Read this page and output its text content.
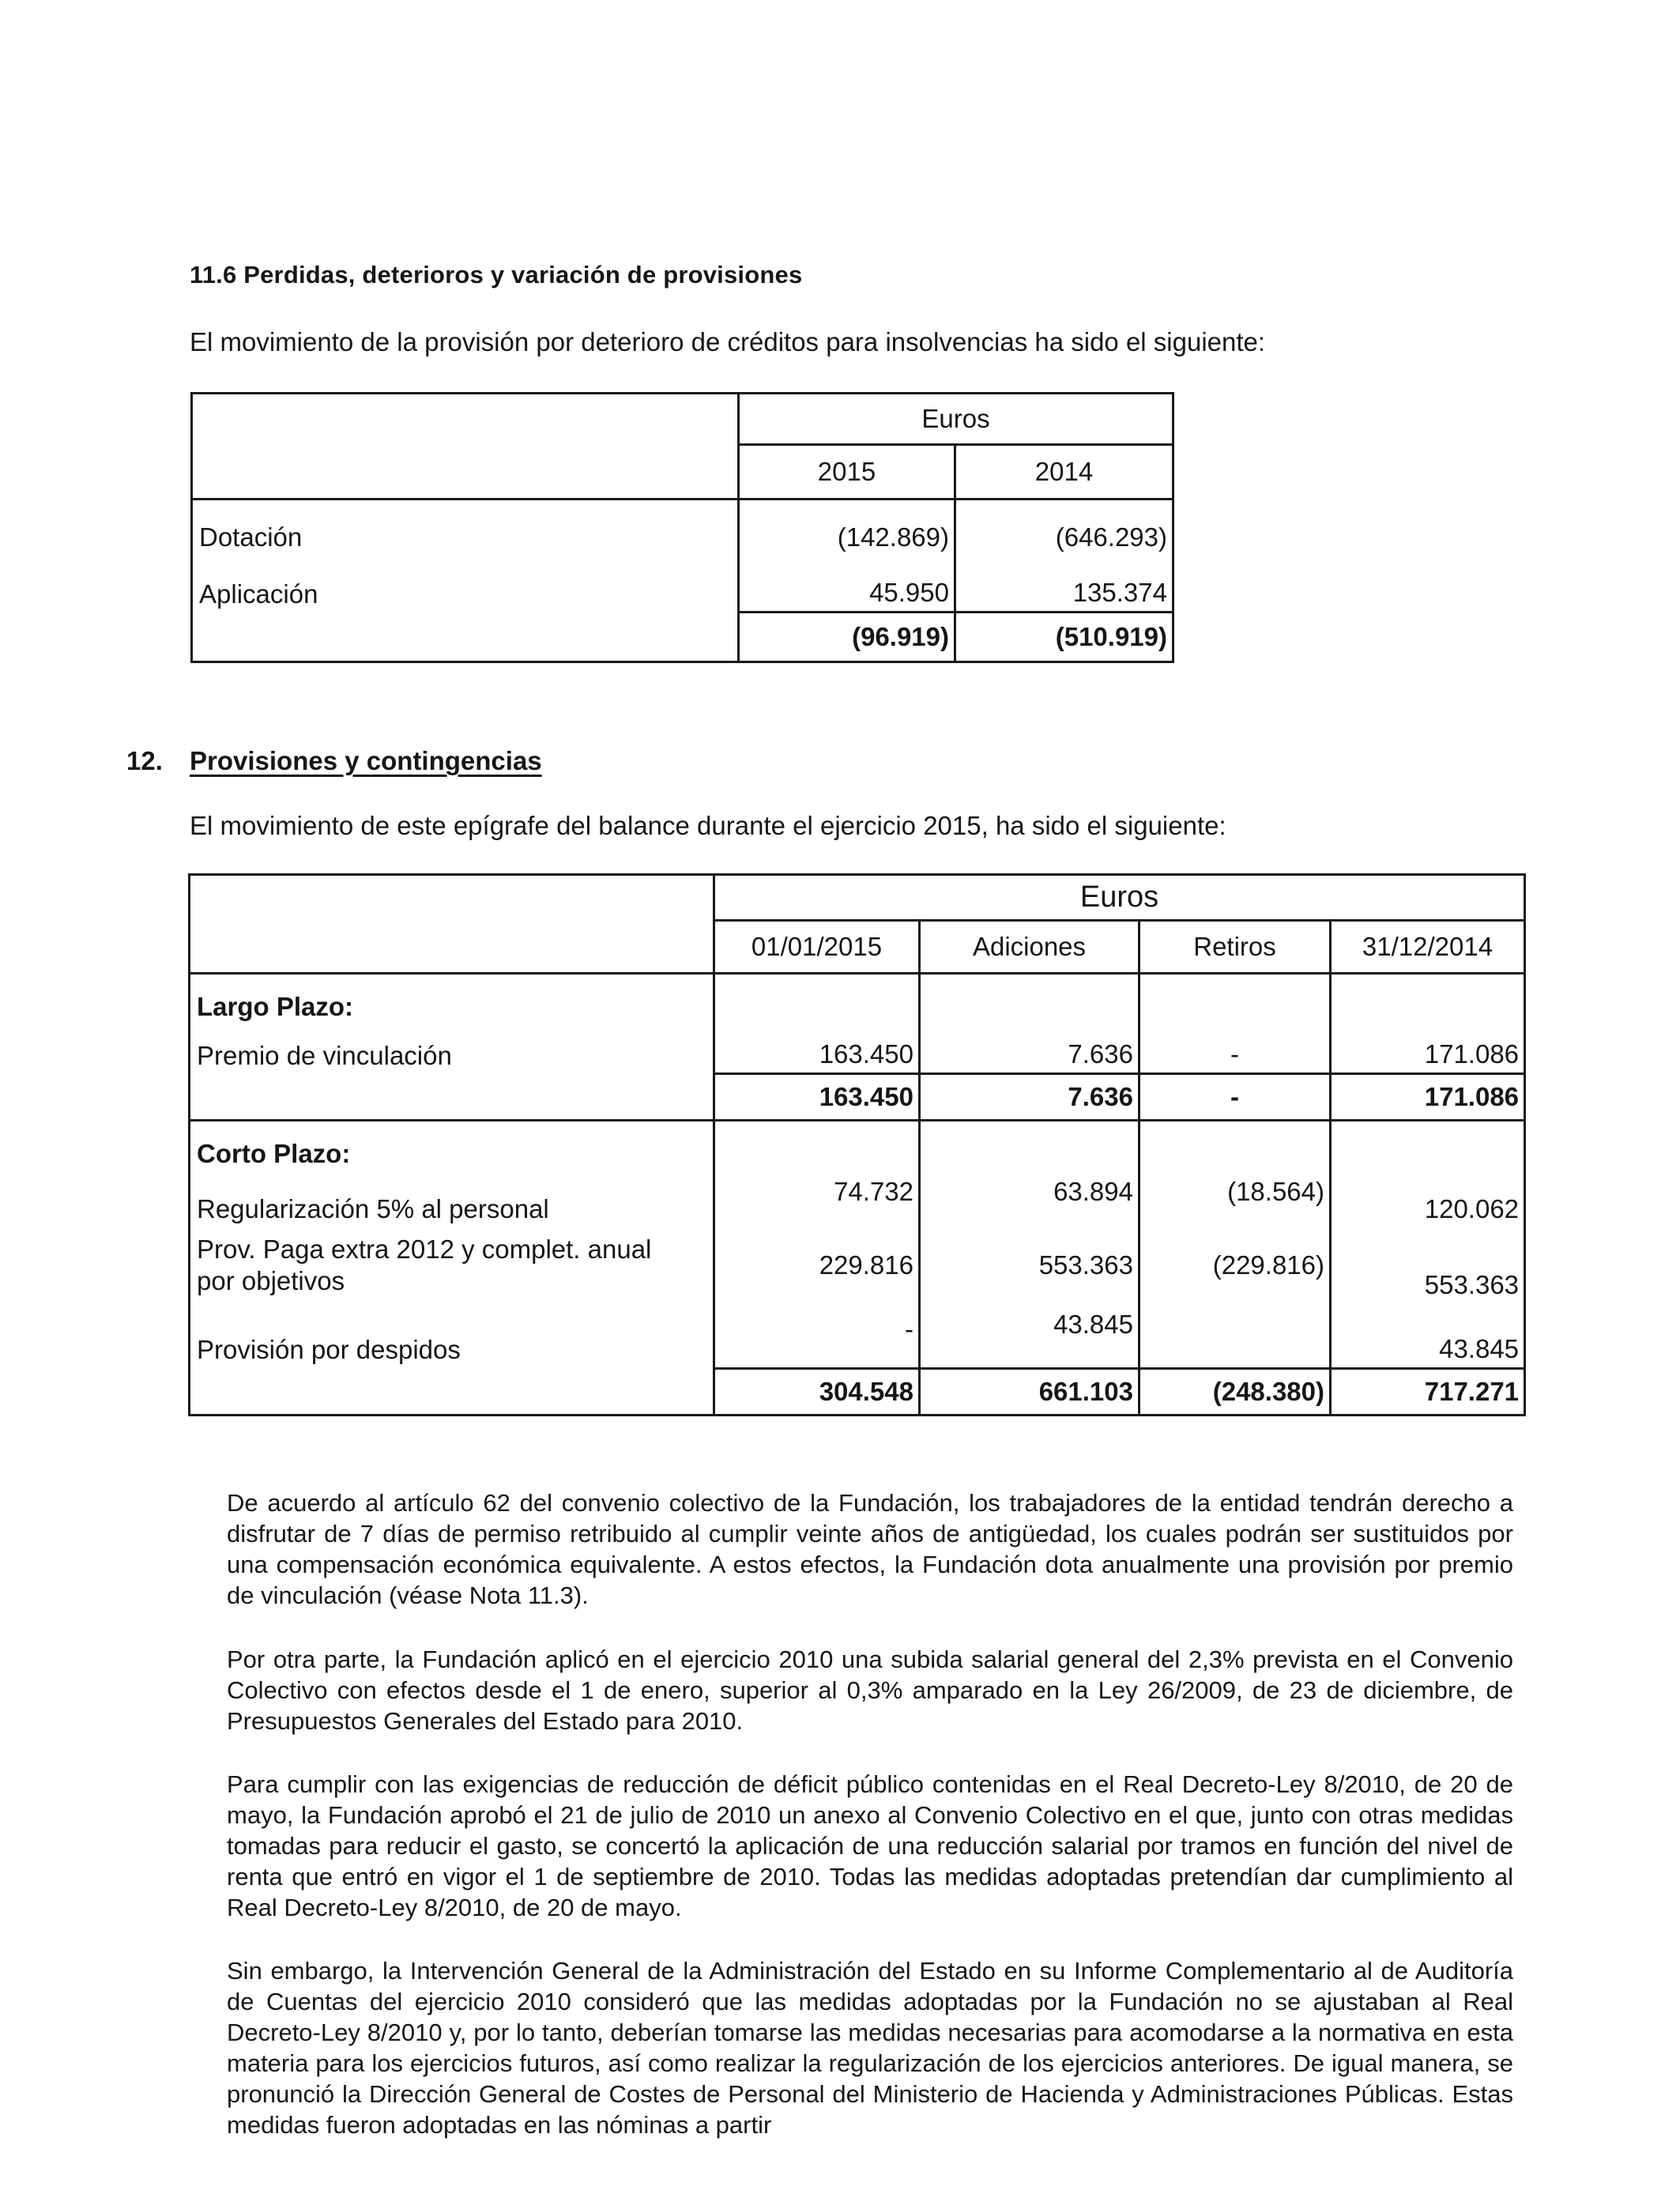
11.6 Perdidas, deterioros y variación de provisiones
El movimiento de la provisión por deterioro de créditos para insolvencias ha sido el siguiente:
	Euros	
	2015	2014
Dotación	(142.869)	(646.293)
Aplicación	45.950	135.374
	(96.919)	(510.919)
12. Provisiones y contingencias
El movimiento de este epígrafe del balance durante el ejercicio 2015, ha sido el siguiente:
	Euros			
	01/01/2015	Adiciones	Retiros	31/12/2014
Largo Plazo:				
Premio de vinculación	163.450	7.636	-	171.086
	163.450	7.636	-	171.086
Corto Plazo:				
Regularización 5% al personal	74.732	63.894	(18.564)	120.062

Prov. Paga extra 2012 y complet. anual
por objetivos	229.816	553.363	(229.816)	553.363
Provisión por despidos	-	43.845		43.845
	304.548	661.103	(248.380)	717.271

De acuerdo al artículo 62 del convenio colectivo de la Fundación, los trabajadores de la entidad tendrán derecho a disfrutar de 7 días de permiso retribuido al cumplir veinte años de antigüedad, los cuales podrán ser sustituidos por una compensación económica equivalente. A estos efectos, la Fundación dota anualmente una provisión por premio de vinculación (véase Nota 11.3).

Por otra parte, la Fundación aplicó en el ejercicio 2010 una subida salarial general del 2,3% prevista en el Convenio Colectivo con efectos desde el 1 de enero, superior al 0,3% amparado en la Ley 26/2009, de 23 de diciembre, de Presupuestos Generales del Estado para 2010.

Para cumplir con las exigencias de reducción de déficit público contenidas en el Real Decreto-Ley 8/2010, de 20 de mayo, la Fundación aprobó el 21 de julio de 2010 un anexo al Convenio Colectivo en el que, junto con otras medidas tomadas para reducir el gasto, se concertó la aplicación de una reducción salarial por tramos en función del nivel de renta que entró en vigor el 1 de septiembre de 2010. Todas las medidas adoptadas pretendían dar cumplimiento al Real Decreto-Ley 8/2010, de 20 de mayo.

Sin embargo, la Intervención General de la Administración del Estado en su Informe Complementario al de Auditoría de Cuentas del ejercicio 2010 consideró que las medidas adoptadas por la Fundación no se ajustaban al Real Decreto-Ley 8/2010 y, por lo tanto, deberían tomarse las medidas necesarias para acomodarse a la normativa en esta materia para los ejercicios futuros, así como realizar la regularización de los ejercicios anteriores. De igual manera, se pronunció la Dirección General de Costes de Personal del Ministerio de Hacienda y Administraciones Públicas. Estas medidas fueron adoptadas en las nóminas a partir
